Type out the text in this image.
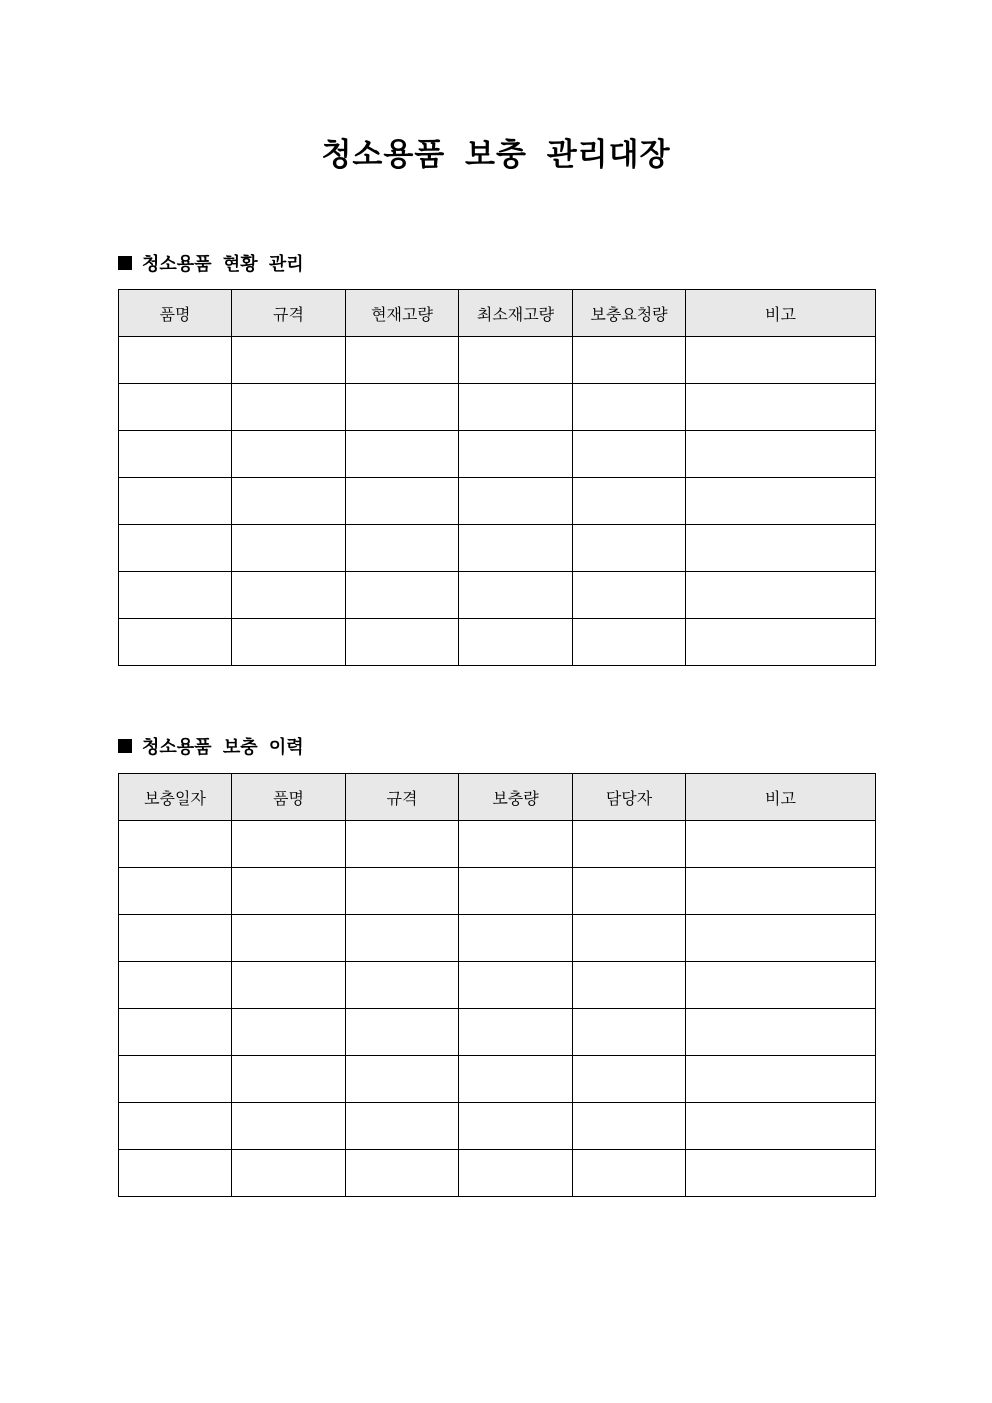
청소용품 보충 관리대장
청소용품 현황 관리
품명	규격	현재고량	최소재고량	보충요청량	비고

청소용품 보충 이력
보충일자	품명	규격	보충량	담당자	비고
